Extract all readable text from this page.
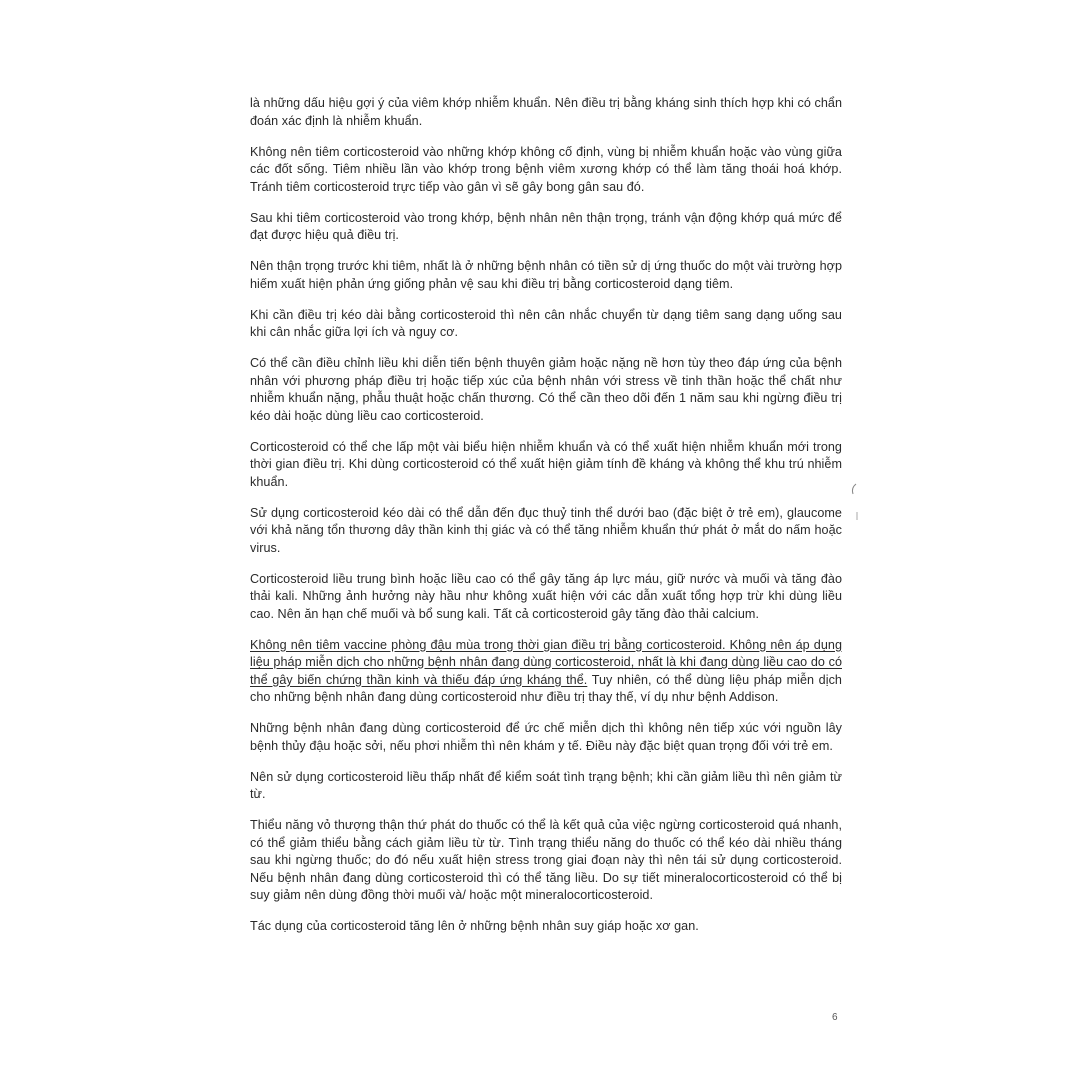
là những dấu hiệu gợi ý của viêm khớp nhiễm khuẩn. Nên điều trị bằng kháng sinh thích hợp khi có chẩn đoán xác định là nhiễm khuẩn.

Không nên tiêm corticosteroid vào những khớp không cố định, vùng bị nhiễm khuẩn hoặc vào vùng giữa các đốt sống. Tiêm nhiều lần vào khớp trong bệnh viêm xương khớp có thể làm tăng thoái hoá khớp. Tránh tiêm corticosteroid trực tiếp vào gân vì sẽ gây bong gân sau đó.

Sau khi tiêm corticosteroid vào trong khớp, bệnh nhân nên thận trọng, tránh vận động khớp quá mức để đạt được hiệu quả điều trị.

Nên thận trọng trước khi tiêm, nhất là ở những bệnh nhân có tiền sử dị ứng thuốc do một vài trường hợp hiếm xuất hiện phản ứng giống phản vệ sau khi điều trị bằng corticosteroid dạng tiêm.

Khi cần điều trị kéo dài bằng corticosteroid thì nên cân nhắc chuyển từ dạng tiêm sang dạng uống sau khi cân nhắc giữa lợi ích và nguy cơ.

Có thể cần điều chỉnh liều khi diễn tiến bệnh thuyên giảm hoặc nặng nề hơn tùy theo đáp ứng của bệnh nhân với phương pháp điều trị hoặc tiếp xúc của bệnh nhân với stress về tinh thần hoặc thể chất như nhiễm khuẩn nặng, phẫu thuật hoặc chấn thương. Có thể cần theo dõi đến 1 năm sau khi ngừng điều trị kéo dài hoặc dùng liều cao corticosteroid.

Corticosteroid có thể che lấp một vài biểu hiện nhiễm khuẩn và có thể xuất hiện nhiễm khuẩn mới trong thời gian điều trị. Khi dùng corticosteroid có thể xuất hiện giảm tính đề kháng và không thể khu trú nhiễm khuẩn.

Sử dụng corticosteroid kéo dài có thể dẫn đến đục thuỷ tinh thể dưới bao (đặc biệt ở trẻ em), glaucome với khả năng tổn thương dây thần kinh thị giác và có thể tăng nhiễm khuẩn thứ phát ở mắt do nấm hoặc virus.

Corticosteroid liều trung bình hoặc liều cao có thể gây tăng áp lực máu, giữ nước và muối và tăng đào thải kali. Những ảnh hưởng này hầu như không xuất hiện với các dẫn xuất tổng hợp trừ khi dùng liều cao. Nên ăn hạn chế muối và bổ sung kali. Tất cả corticosteroid gây tăng đào thải calcium.

Không nên tiêm vaccine phòng đậu mùa trong thời gian điều trị bằng corticosteroid. Không nên áp dụng liệu pháp miễn dịch cho những bệnh nhân đang dùng corticosteroid, nhất là khi đang dùng liều cao do có thể gây biến chứng thần kinh và thiếu đáp ứng kháng thể. Tuy nhiên, có thể dùng liệu pháp miễn dịch cho những bệnh nhân đang dùng corticosteroid như điều trị thay thế, ví dụ như bệnh Addison.

Những bệnh nhân đang dùng corticosteroid để ức chế miễn dịch thì không nên tiếp xúc với nguồn lây bệnh thủy đậu hoặc sởi, nếu phơi nhiễm thì nên khám y tế. Điều này đặc biệt quan trọng đối với trẻ em.

Nên sử dụng corticosteroid liều thấp nhất để kiểm soát tình trạng bệnh; khi cần giảm liều thì nên giảm từ từ.

Thiểu năng vỏ thượng thận thứ phát do thuốc có thể là kết quả của việc ngừng corticosteroid quá nhanh, có thể giảm thiểu bằng cách giảm liều từ từ. Tình trạng thiểu năng do thuốc có thể kéo dài nhiều tháng sau khi ngừng thuốc; do đó nếu xuất hiện stress trong giai đoạn này thì nên tái sử dụng corticosteroid. Nếu bệnh nhân đang dùng corticosteroid thì có thể tăng liều. Do sự tiết mineralocorticosteroid có thể bị suy giảm nên dùng đồng thời muối và/ hoặc một mineralocorticosteroid.

Tác dụng của corticosteroid tăng lên ở những bệnh nhân suy giáp hoặc xơ gan.

6
